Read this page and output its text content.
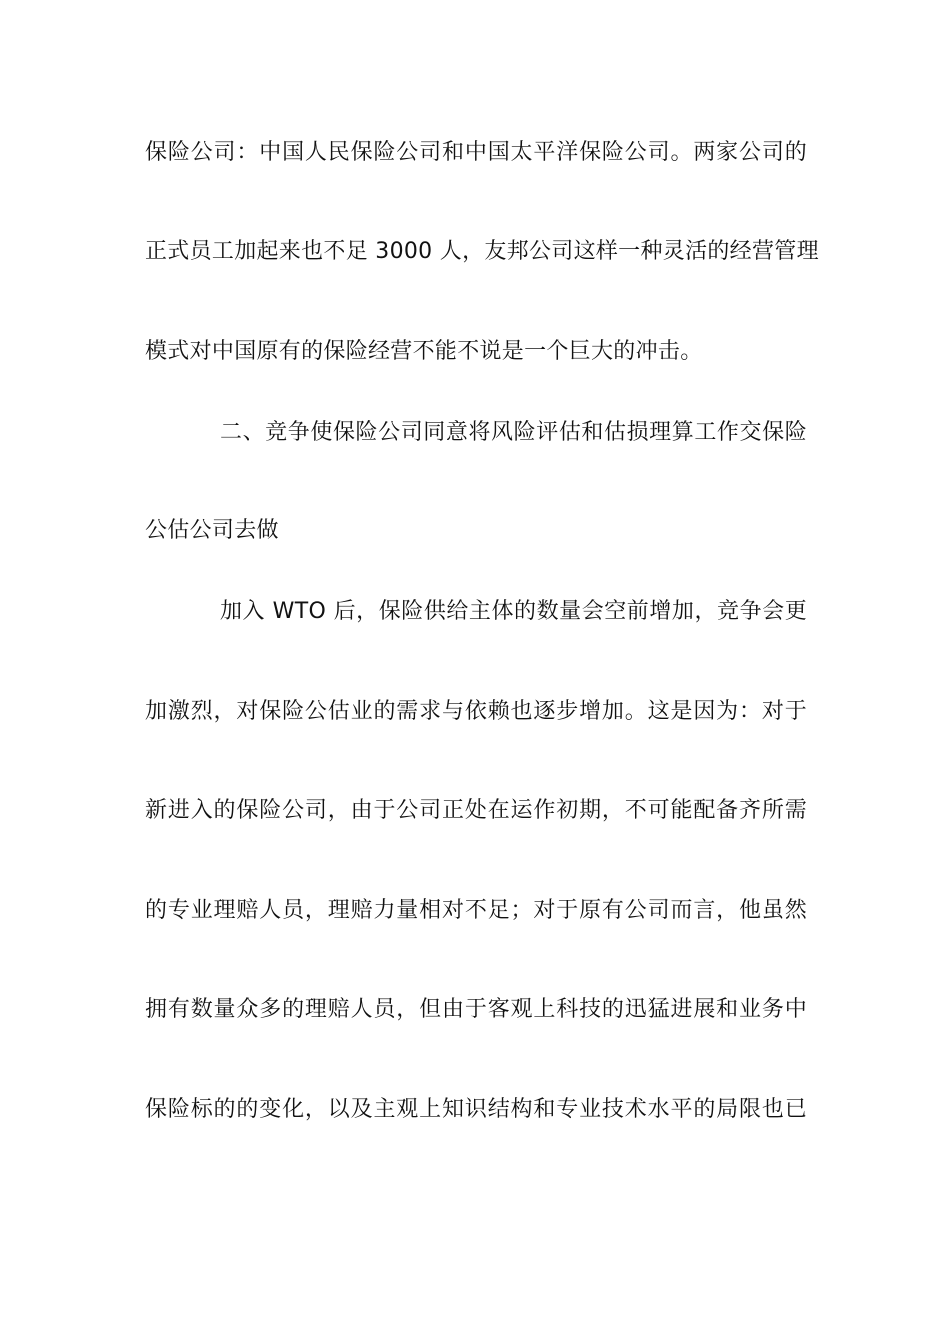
保险公司：中国人民保险公司和中国太平洋保险公司。两家公司的
正式员工加起来也不足 3000 人，友邦公司这样一种灵活的经营管理
模式对中国原有的保险经营不能不说是一个巨大的冲击。
二、竞争使保险公司同意将风险评估和估损理算工作交保险
公估公司去做
加入 WTO 后，保险供给主体的数量会空前增加，竞争会更
加激烈，对保险公估业的需求与依赖也逐步增加。这是因为：对于
新进入的保险公司，由于公司正处在运作初期，不可能配备齐所需
的专业理赔人员，理赔力量相对不足；对于原有公司而言，他虽然
拥有数量众多的理赔人员，但由于客观上科技的迅猛进展和业务中
保险标的的变化，以及主观上知识结构和专业技术水平的局限也已
